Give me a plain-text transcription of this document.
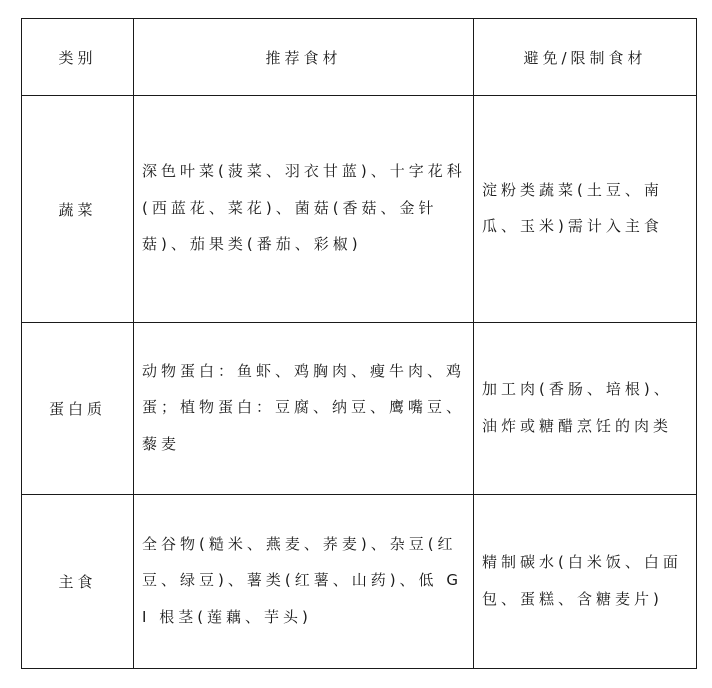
类别	推荐食材	避免/限制食材
蔬菜	深色叶菜(菠菜、羽衣甘蓝)、十字花科(西蓝花、菜花)、菌菇(香菇、金针菇)、茄果类(番茄、彩椒)	淀粉类蔬菜(土豆、南瓜、玉米)需计入主食

蛋白质	动物蛋白：鱼虾、鸡胸肉、瘦牛肉、鸡蛋；植物蛋白：豆腐、纳豆、鹰嘴豆、藜麦	加工肉(香肠、培根)、油炸或糖醋烹饪的肉类

主食	全谷物(糙米、燕麦、荞麦)、杂豆(红豆、绿豆)、薯类(红薯、山药)、低 GI 根茎(莲藕、芋头)	精制碳水(白米饭、白面包、蛋糕、含糖麦片)
